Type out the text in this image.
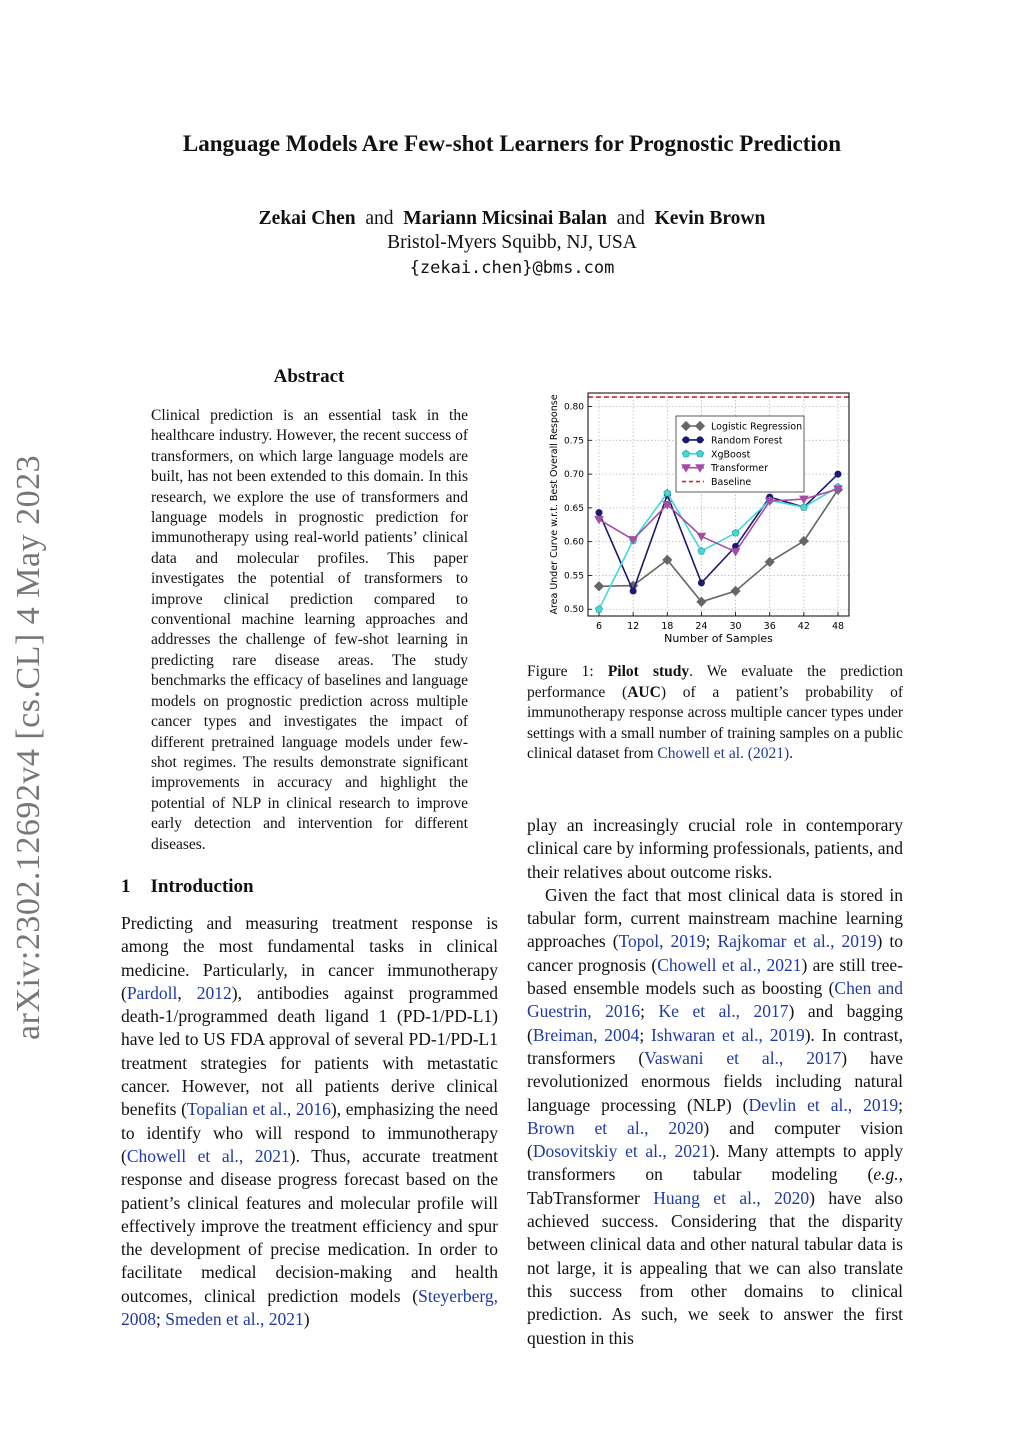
Language Models Are Few-shot Learners for Prognostic Prediction
Zekai Chen and Mariann Micsinai Balan and Kevin Brown
Bristol-Myers Squibb, NJ, USA
{zekai.chen}@bms.com
arXiv:2302.12692v4 [cs.CL] 4 May 2023
Abstract
Clinical prediction is an essential task in the healthcare industry. However, the recent success of transformers, on which large language models are built, has not been extended to this domain. In this research, we explore the use of transformers and language models in prognostic prediction for immunotherapy using real-world patients’ clinical data and molecular profiles. This paper investigates the potential of transformers to improve clinical prediction compared to conventional machine learning approaches and addresses the challenge of few-shot learning in predicting rare disease areas. The study benchmarks the efficacy of baselines and language models on prognostic prediction across multiple cancer types and investigates the impact of different pretrained language models under few-shot regimes. The results demonstrate significant improvements in accuracy and highlight the potential of NLP in clinical research to improve early detection and intervention for different diseases.
1 Introduction

Predicting and measuring treatment response is among the most fundamental tasks in clinical medicine. Particularly, in cancer immunotherapy (Pardoll, 2012), antibodies against programmed death-1/programmed death ligand 1 (PD-1/PD-L1) have led to US FDA approval of several PD-1/PD-L1 treatment strategies for patients with metastatic cancer. However, not all patients derive clinical benefits (Topalian et al., 2016), emphasizing the need to identify who will respond to immunotherapy (Chowell et al., 2021). Thus, accurate treatment response and disease progress forecast based on the patient’s clinical features and molecular profile will effectively improve the treatment efficiency and spur the development of precise medication. In order to facilitate medical decision-making and health outcomes, clinical prediction models (Steyerberg, 2008; Smeden et al., 2021)

0.50
0.55
0.60
0.65
0.70
0.75
0.80
6	12 18 24 30 36 42 48
Logistic Regression
Random Forest
XgBoost
Transformer
Baseline
Number of Samples
Area Under Curve w.r.t. Best Overall Response
Figure 1: Pilot study. We evaluate the prediction performance (AUC) of a patient’s probability of immunotherapy response across multiple cancer types under settings with a small number of training samples on a public clinical dataset from Chowell et al. (2021).

play an increasingly crucial role in contemporary clinical care by informing professionals, patients, and their relatives about outcome risks.

Given the fact that most clinical data is stored in tabular form, current mainstream machine learning approaches (Topol, 2019; Rajkomar et al., 2019) to cancer prognosis (Chowell et al., 2021) are still tree-based ensemble models such as boosting (Chen and Guestrin, 2016; Ke et al., 2017) and bagging (Breiman, 2004; Ishwaran et al., 2019). In contrast, transformers (Vaswani et al., 2017) have revolutionized enormous fields including natural language processing (NLP) (Devlin et al., 2019; Brown et al., 2020) and computer vision (Dosovitskiy et al., 2021). Many attempts to apply transformers on tabular modeling (e.g., TabTransformer Huang et al., 2020) have also achieved success. Considering that the disparity between clinical data and other natural tabular data is not large, it is appealing that we can also translate this success from other domains to clinical prediction. As such, we seek to answer the first question in this
